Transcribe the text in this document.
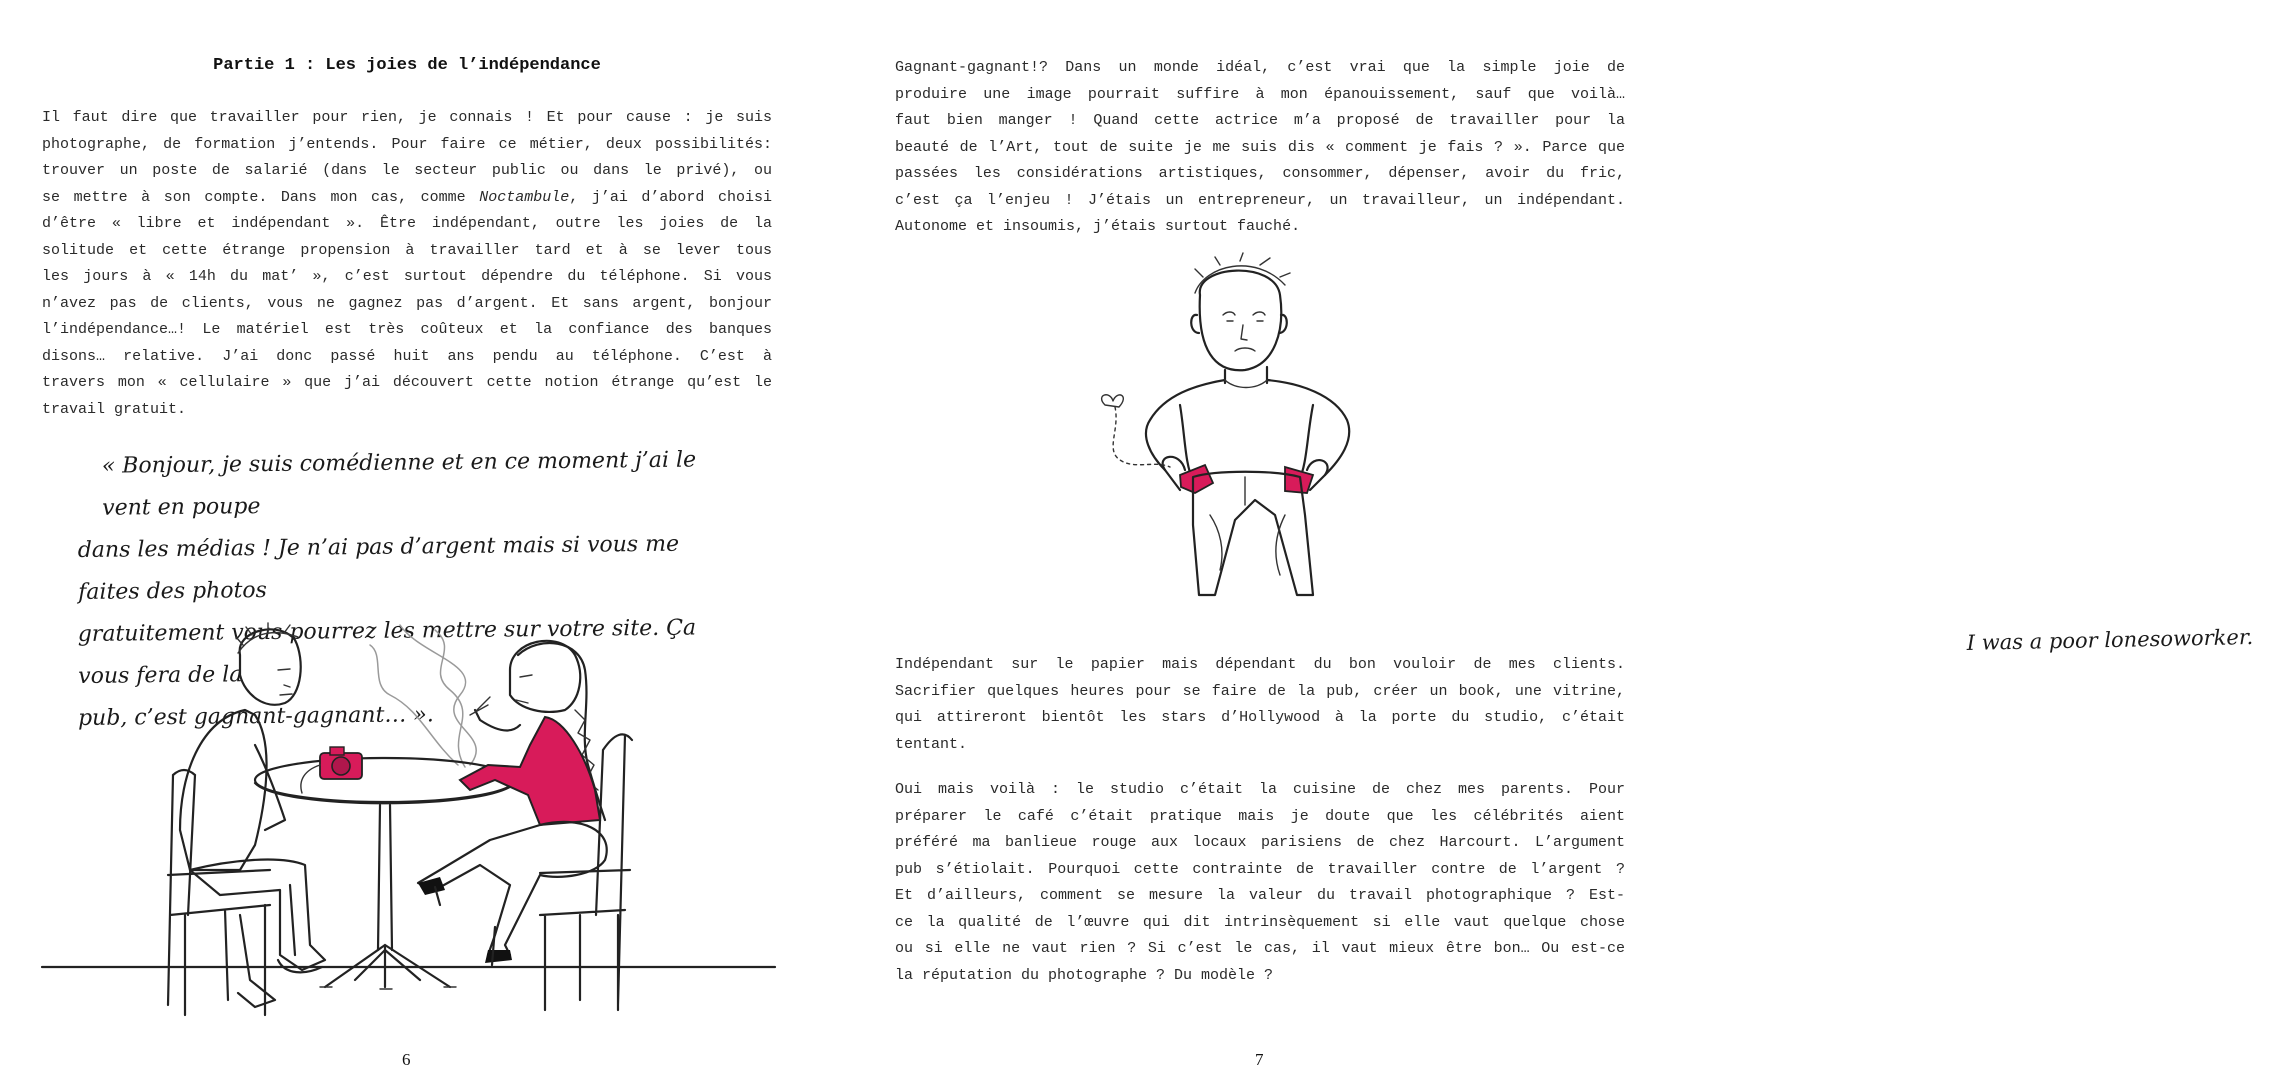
Partie 1 : Les joies de l’indépendance
Il faut dire que travailler pour rien, je connais ! Et pour cause : je suis
photographe, de formation j’entends. Pour faire ce métier, deux possibilités:
trouver un poste de salarié (dans le secteur public ou dans le privé), ou
se mettre à son compte. Dans mon cas, comme Noctambule, j’ai d’abord choisi
d’être « libre et indépendant ». Être indépendant, outre les joies de la
solitude et cette étrange propension à travailler tard et à se lever tous
les jours à « 14h du mat’ », c’est surtout dépendre du téléphone. Si vous
n’avez pas de clients, vous ne gagnez pas d’argent. Et sans argent, bonjour
l’indépendance…! Le matériel est très coûteux et la confiance des banques
disons… relative. J’ai donc passé huit ans pendu au téléphone. C’est à
travers mon « cellulaire » que j’ai découvert cette notion étrange qu’est le
travail gratuit.
« Bonjour, je suis comédienne et en ce moment j’ai le vent en poupe
dans les médias ! Je n’ai pas d’argent mais si vous me faites des photos
gratuitement vous pourrez les mettre sur votre site. Ça vous fera de la
pub, c’est gagnant-gagnant… ».
6
Gagnant-gagnant!? Dans un monde idéal, c’est vrai que la simple joie de
produire une image pourrait suffire à mon épanouissement, sauf que voilà…
faut bien manger ! Quand cette actrice m’a proposé de travailler pour la
beauté de l’Art, tout de suite je me suis dis « comment je fais ? ». Parce que
passées les considérations artistiques, consommer, dépenser, avoir du fric,
c’est ça l’enjeu ! J’étais un entrepreneur, un travailleur, un indépendant.
Autonome et insoumis, j’étais surtout fauché.
I was a poor lonesoworker.
Indépendant sur le papier mais dépendant du bon vouloir de mes clients.
Sacrifier quelques heures pour se faire de la pub, créer un book, une vitrine,
qui attireront bientôt les stars d’Hollywood à la porte du studio, c’était
tentant.
Oui mais voilà : le studio c’était la cuisine de chez mes parents. Pour
préparer le café c’était pratique mais je doute que les célébrités aient
préféré ma banlieue rouge aux locaux parisiens de chez Harcourt. L’argument
pub s’étiolait. Pourquoi cette contrainte de travailler contre de l’argent ?
Et d’ailleurs, comment se mesure la valeur du travail photographique ? Est-
ce la qualité de l’œuvre qui dit intrinsèquement si elle vaut quelque chose
ou si elle ne vaut rien ? Si c’est le cas, il vaut mieux être bon… Ou est-ce
la réputation du photographe ? Du modèle ?
7
